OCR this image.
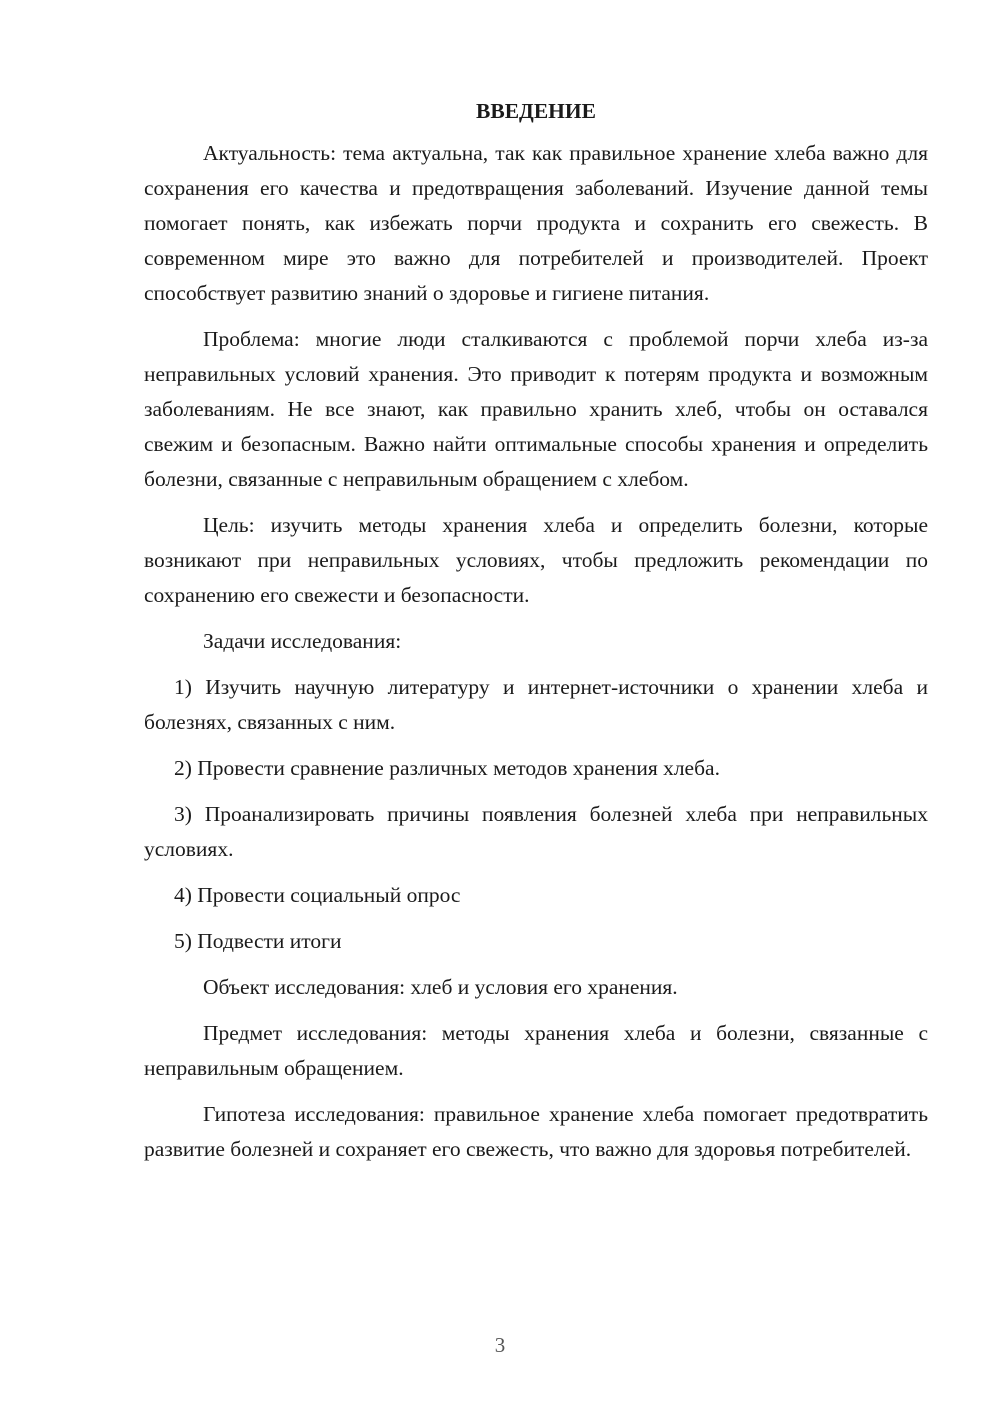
ВВЕДЕНИЕ

Актуальность: тема актуальна, так как правильное хранение хлеба важно для сохранения его качества и предотвращения заболеваний. Изучение данной темы помогает понять, как избежать порчи продукта и сохранить его свежесть. В современном мире это важно для потребителей и производителей. Проект способствует развитию знаний о здоровье и гигиене питания.

Проблема: многие люди сталкиваются с проблемой порчи хлеба из-за неправильных условий хранения. Это приводит к потерям продукта и возможным заболеваниям. Не все знают, как правильно хранить хлеб, чтобы он оставался свежим и безопасным. Важно найти оптимальные способы хранения и определить болезни, связанные с неправильным обращением с хлебом.

Цель: изучить методы хранения хлеба и определить болезни, которые возникают при неправильных условиях, чтобы предложить рекомендации по сохранению его свежести и безопасности.

Задачи исследования:

1) Изучить научную литературу и интернет-источники о хранении хлеба и болезнях, связанных с ним.

2) Провести сравнение различных методов хранения хлеба.

3) Проанализировать причины появления болезней хлеба при неправильных условиях.

4) Провести социальный опрос

5) Подвести итоги

Объект исследования: хлеб и условия его хранения.

Предмет исследования: методы хранения хлеба и болезни, связанные с неправильным обращением.

Гипотеза исследования: правильное хранение хлеба помогает предотвратить развитие болезней и сохраняет его свежесть, что важно для здоровья потребителей.

3
